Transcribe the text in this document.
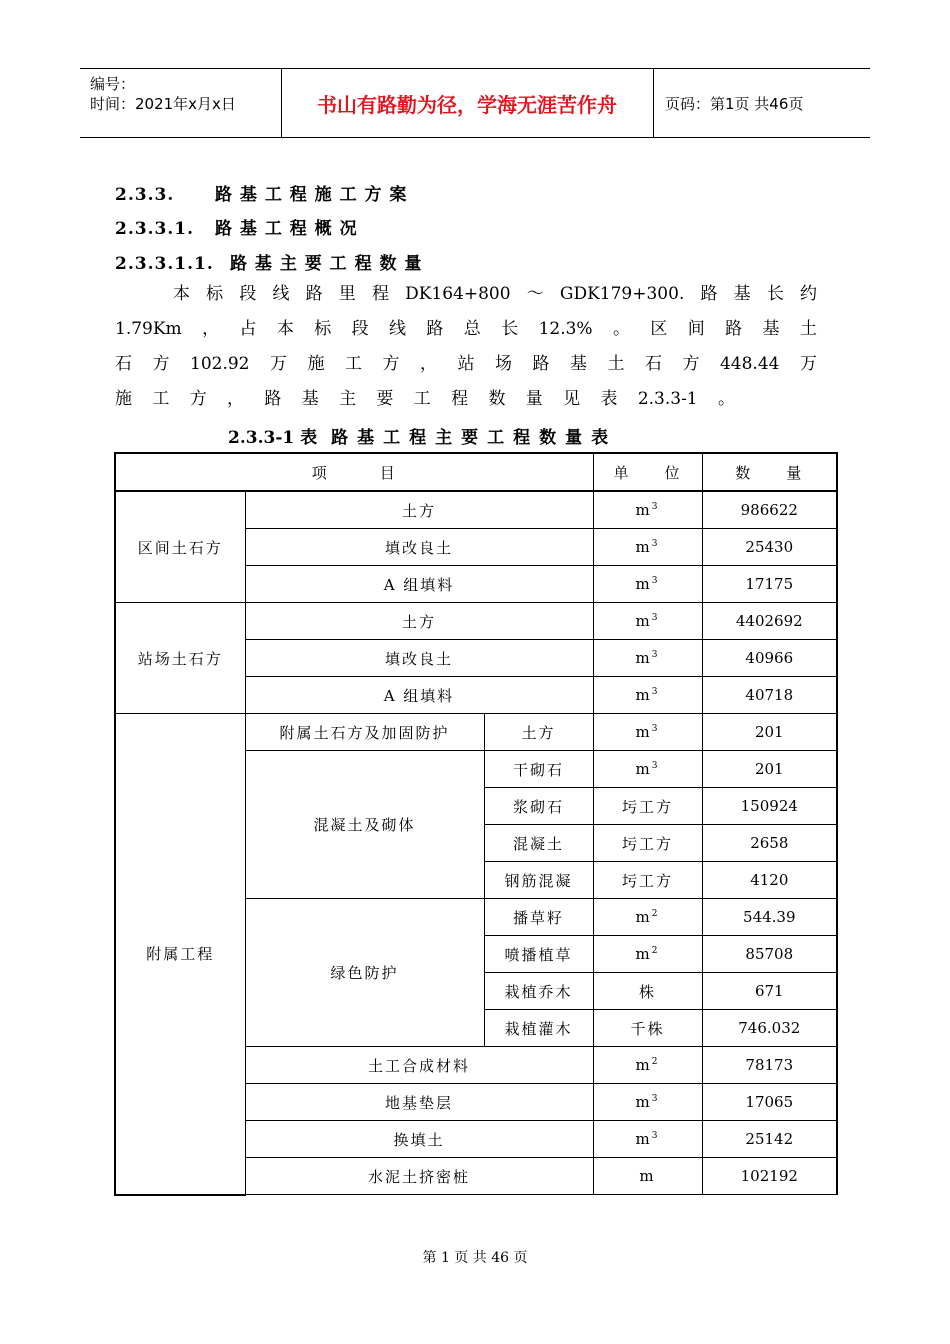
编号：
时间：2021年x月x日	书山有路勤为径，学海无涯苦作舟	页码：第1页 共46页
2.3.3. 路 基 工 程 施 工 方 案
2.3.3.1. 路 基 工 程 概 况
2.3.3.1.1. 路 基 主 要 工 程 数 量
本 标 段 线 路 里 程 DK164+800 ～ GDK179+300. 路 基 长 约
1.79Km ， 占 本 标 段 线 路 总 长 12.3% 。 区 间 路 基 土
石 方 102.92 万 施 工 方 ， 站 场 路 基 土 石 方 448.44 万
施 工 方 ， 路 基 主 要 工 程 数 量 见 表 2.3.3-1 。
2.3.3-1 表 路基工程主要工程数量表
项　　　目			单　　位	数　　量
区间土石方	土方		$m^3$	986622
	填改良土		$m^3$	25430
	A 组填料		$m^3$	17175
站场土石方	土方		$m^3$	4402692
	填改良土		$m^3$	40966
	A 组填料		$m^3$	40718
附属工程	附属土石方及加固防护	土方	$m^3$	201
	混凝土及砌体	干砌石	$m^3$	201
		浆砌石	圬工方	150924
		混凝土	圬工方	2658
		钢筋混凝	圬工方	4120
	绿色防护	播草籽	$m^2$	544.39
		喷播植草	$m^2$	85708
		栽植乔木	株	671
		栽植灌木	千株	746.032
	土工合成材料		$m^2$	78173
	地基垫层		$m^3$	17065
	换填土		$m^3$	25142
	水泥土挤密桩		m	102192
第 1 页 共 46 页
